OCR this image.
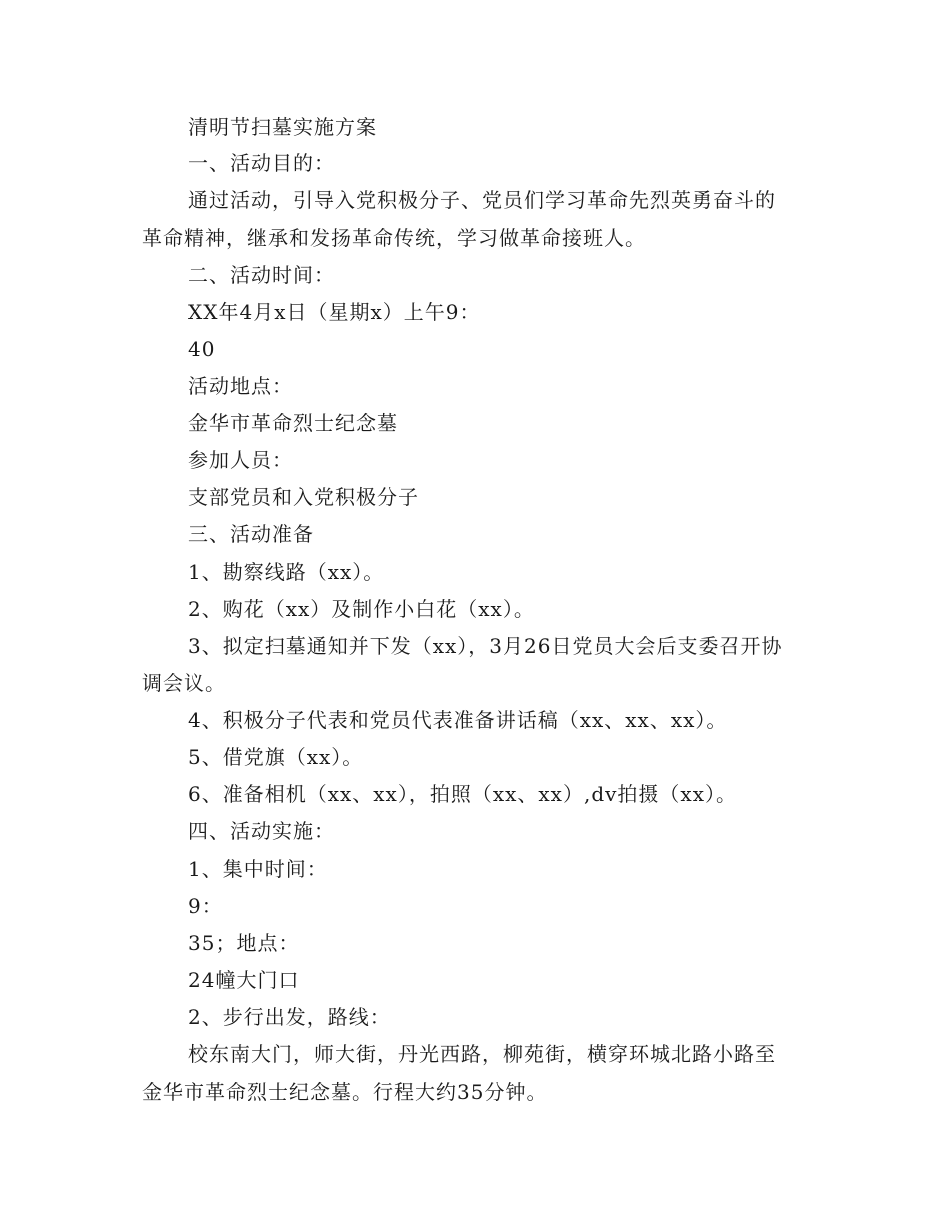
清明节扫墓实施方案
一、活动目的：
通过活动，引导入党积极分子、党员们学习革命先烈英勇奋斗的
革命精神，继承和发扬革命传统，学习做革命接班人。
二、活动时间：
XX年4月x日（星期x）上午9：
40
活动地点：
金华市革命烈士纪念墓
参加人员：
支部党员和入党积极分子
三、活动准备
1、勘察线路（xx）。
2、购花（xx）及制作小白花（xx）。
3、拟定扫墓通知并下发（xx），3月26日党员大会后支委召开协
调会议。
4、积极分子代表和党员代表准备讲话稿（xx、xx、xx）。
5、借党旗（xx）。
6、准备相机（xx、xx），拍照（xx、xx）,dv拍摄（xx）。
四、活动实施：
1、集中时间：
9：
35；地点：
24幢大门口
2、步行出发，路线：
校东南大门，师大街，丹光西路，柳苑街，横穿环城北路小路至
金华市革命烈士纪念墓。行程大约35分钟。
